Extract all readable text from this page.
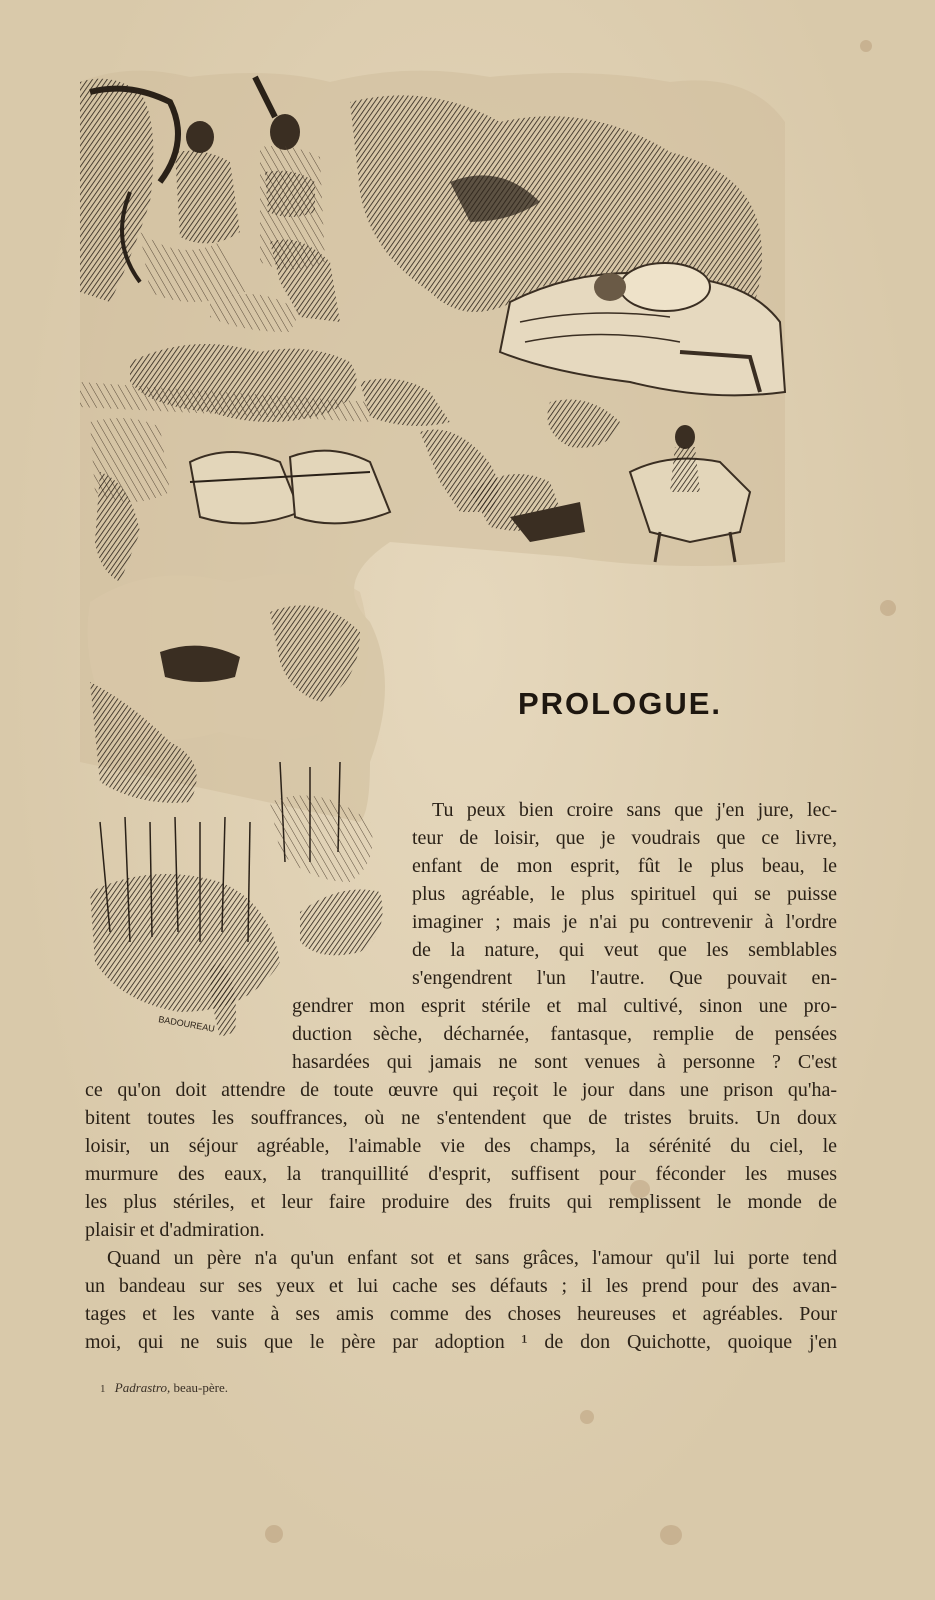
BADOUREAU
PROLOGUE.
Tu peux bien croire sans que j'en jure, lec-
teur de loisir, que je voudrais que ce livre,
enfant de mon esprit, fût le plus beau, le
plus agréable, le plus spirituel qui se puisse
imaginer ; mais je n'ai pu contrevenir à l'ordre
de la nature, qui veut que les semblables
s'engendrent l'un l'autre. Que pouvait en-
gendrer mon esprit stérile et mal cultivé, sinon une pro-
duction sèche, décharnée, fantasque, remplie de pensées
hasardées qui jamais ne sont venues à personne ? C'est
ce qu'on doit attendre de toute œuvre qui reçoit le jour dans une prison qu'ha-
bitent toutes les souffrances, où ne s'entendent que de tristes bruits. Un doux
loisir, un séjour agréable, l'aimable vie des champs, la sérénité du ciel, le
murmure des eaux, la tranquillité d'esprit, suffisent pour féconder les muses
les plus stériles, et leur faire produire des fruits qui remplissent le monde de
plaisir et d'admiration.
Quand un père n'a qu'un enfant sot et sans grâces, l'amour qu'il lui porte tend
un bandeau sur ses yeux et lui cache ses défauts ; il les prend pour des avan-
tages et les vante à ses amis comme des choses heureuses et agréables. Pour
moi, qui ne suis que le père par adoption ¹ de don Quichotte, quoique j'en
1 Padrastro, beau-père.
